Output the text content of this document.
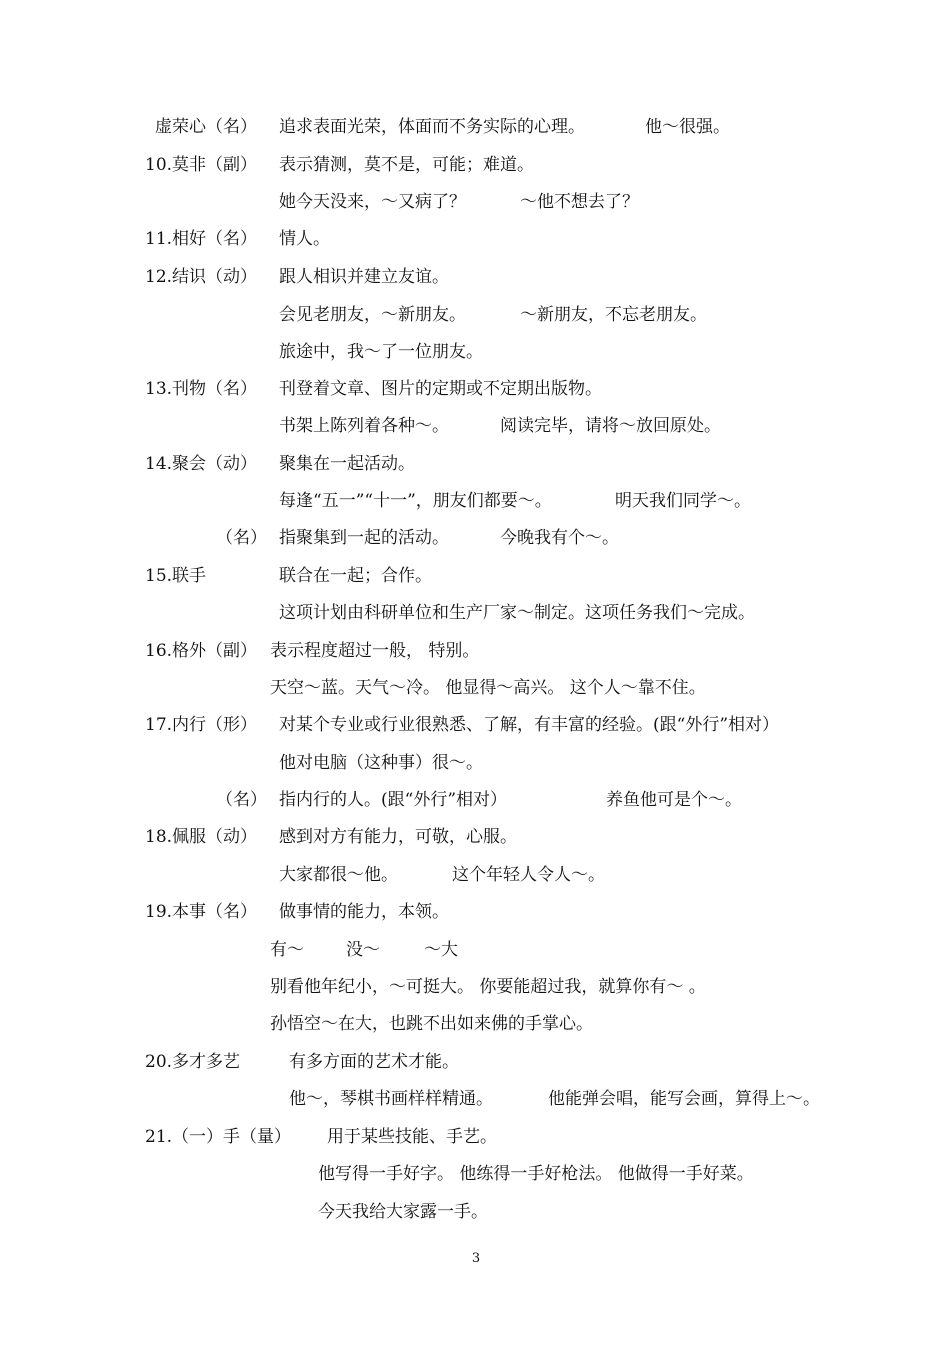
虚荣心（名） 追求表面光荣，体面而不务实际的心理。	他～很强。
10.莫非（副） 表示猜测，莫不是，可能；难道。
她今天没来，～又病了？	～他不想去了？
11.相好（名） 情人。
12.结识（动） 跟人相识并建立友谊。
会见老朋友，～新朋友。	～新朋友，不忘老朋友。
旅途中，我～了一位朋友。
13.刊物（名） 刊登着文章、图片的定期或不定期出版物。
书架上陈列着各种～。	阅读完毕，请将～放回原处。
14.聚会（动） 聚集在一起活动。
每逢“五一”“十一”，朋友们都要～。	明天我们同学～。
（名） 指聚集到一起的活动。	今晚我有个～。
15.联手	联合在一起；合作。
这项计划由科研单位和生产厂家～制定。这项任务我们～完成。
16.格外（副） 表示程度超过一般， 特别。
天空～蓝。天气～冷。 他显得～高兴。 这个人～靠不住。
17.内行（形） 对某个专业或行业很熟悉、了解，有丰富的经验。(跟“外行”相对）
他对电脑（这种事）很～。
（名） 指内行的人。(跟“外行”相对）	养鱼他可是个～。
18.佩服（动） 感到对方有能力，可敬，心服。
大家都很～他。	这个年轻人令人～。
19.本事（名） 做事情的能力，本领。
有～ 没～	～大
别看他年纪小，～可挺大。 你要能超过我，就算你有～ 。
孙悟空～在大，也跳不出如来佛的手掌心。
20.多才多艺	有多方面的艺术才能。
他～，琴棋书画样样精通。	他能弹会唱，能写会画，算得上～。
21.（一）手（量） 用于某些技能、手艺。
他写得一手好字。 他练得一手好枪法。 他做得一手好菜。
今天我给大家露一手。
3
